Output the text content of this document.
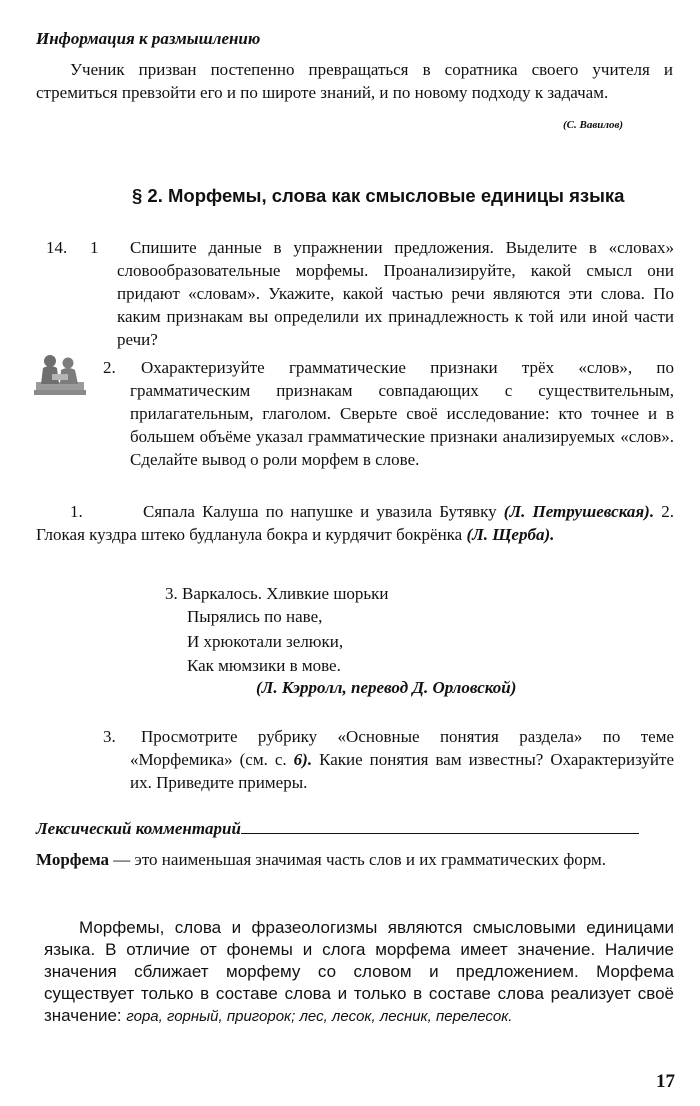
Информация к размышлению
Ученик призван постепенно превращаться в соратника своего учителя и стремиться превзойти его и по широте знаний, и по новому подходу к задачам.
(С. Вавилов)
§ 2. Морфемы, слова как смысловые единицы языка
14. 1	Спишите данные в упражнении предложения. Выделите в «словах» словообразовательные морфемы. Проанализируйте, какой смысл они придают «словам». Укажите, какой частью речи являются эти слова. По каким признакам вы определили их принадлежность к той или иной части речи?
2.	Охарактеризуйте грамматические признаки трёх «слов», по грамматическим признакам совпадающих с существительным, прилагательным, глаголом. Сверьте своё исследование: кто точнее и в большем объёме указал грамматические признаки анализируемых «слов». Сделайте вывод о роли морфем в слове.
1.	Сяпала Калуша по напушке и увазила Бутявку (Л. Петрушевская). 2. Глокая куздра штеко будланула бокра и курдячит бокрёнка (Л. Щерба).
3. Варкалось. Хливкие шорьки
Пырялись по наве,
И хрюкотали зелюки,
Как мюмзики в мове.
(Л. Кэрролл, перевод Д. Орловской)
3.	Просмотрите рубрику «Основные понятия раздела» по теме «Морфемика» (см. с. 6). Какие понятия вам известны? Охарактеризуйте их. Приведите примеры.
Лексический комментарий
Морфема — это наименьшая значимая часть слов и их грамматических форм.
Морфемы, слова и фразеологизмы являются смысловыми единицами языка. В отличие от фонемы и слога морфема имеет значение. Наличие значения сближает морфему со словом и предложением. Морфема существует только в составе слова и только в составе слова реализует своё значение: гора, горный, пригорок; лес, лесок, лесник, перелесок.
17
